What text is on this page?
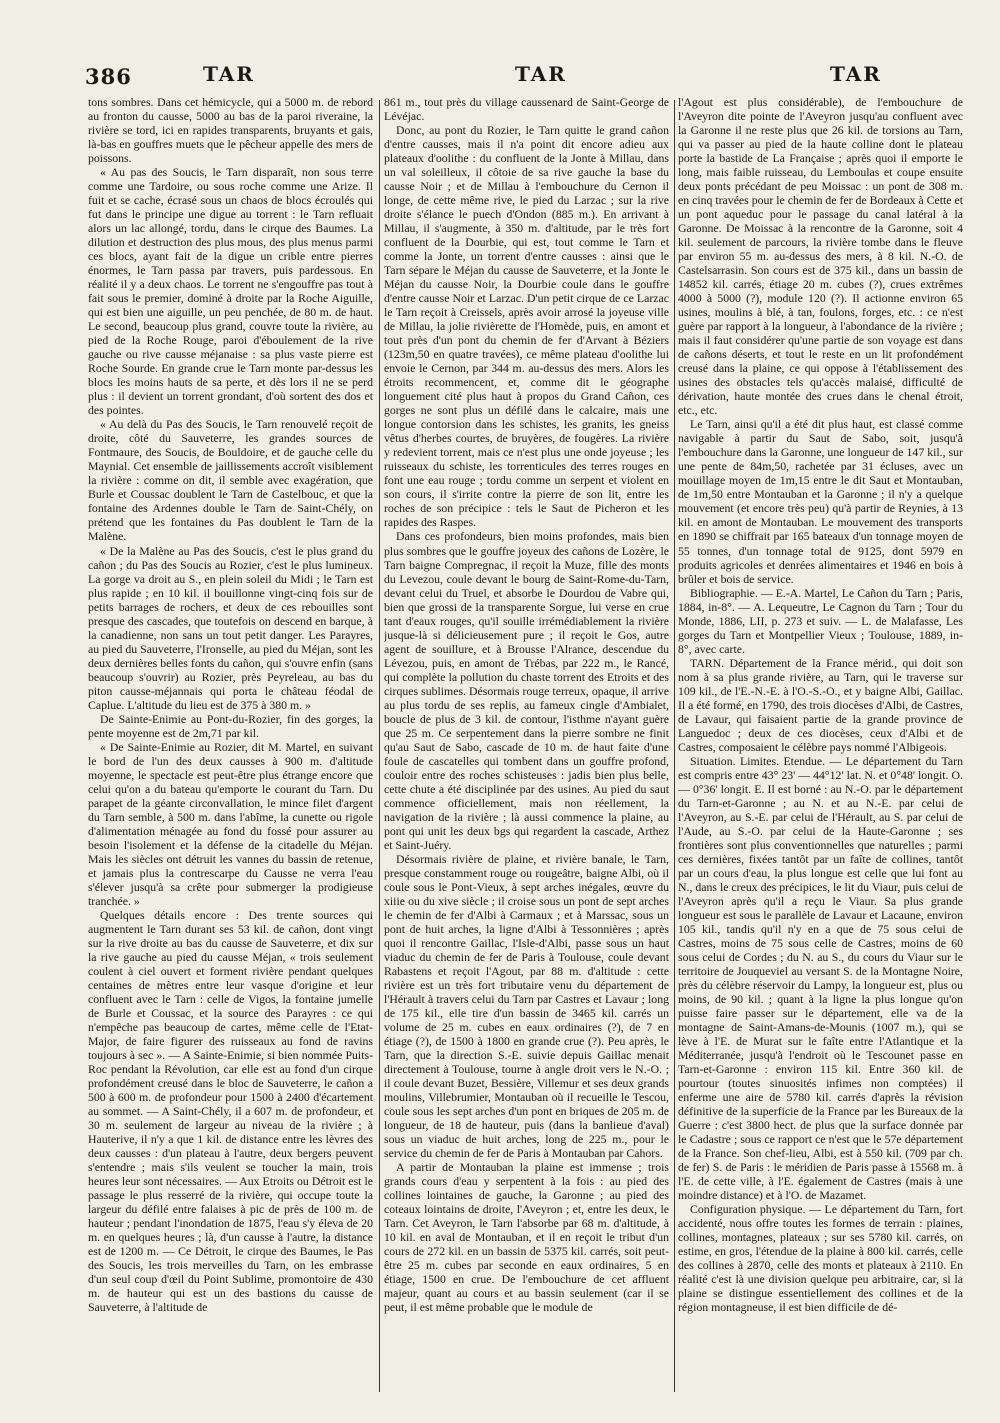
386	TAR	TAR	TAR

tons sombres. Dans cet hémicycle, qui a 5000 m. de rebord au fronton du causse, 5000 au bas de la paroi riveraine, la rivière se tord, ici en rapides transparents, bruyants et gais, là-bas en gouffres muets que le pêcheur appelle des mers de poissons.

« Au pas des Soucis, le Tarn disparaît, non sous terre comme une Tardoire, ou sous roche comme une Arize. Il fuit et se cache, écrasé sous un chaos de blocs écroulés qui fut dans le principe une digue au torrent : le Tarn refluait alors un lac allongé, tordu, dans le cirque des Baumes. La dilution et destruction des plus mous, des plus menus parmi ces blocs, ayant fait de la digue un crible entre pierres énormes, le Tarn passa par travers, puis pardessous. En réalité il y a deux chaos. Le torrent ne s'engouffre pas tout à fait sous le premier, dominé à droite par la Roche Aiguille, qui est bien une aiguille, un peu penchée, de 80 m. de haut. Le second, beaucoup plus grand, couvre toute la rivière, au pied de la Roche Rouge, paroi d'éboulement de la rive gauche ou rive causse méjanaise : sa plus vaste pierre est Roche Sourde. En grande crue le Tarn monte par-dessus les blocs les moins hauts de sa perte, et dès lors il ne se perd plus : il devient un torrent grondant, d'où sortent des dos et des pointes.

« Au delà du Pas des Soucis, le Tarn renouvelé reçoit de droite, côté du Sauveterre, les grandes sources de Fontmaure, des Soucis, de Bouldoire, et de gauche celle du Maynial. Cet ensemble de jaillissements accroît visiblement la rivière : comme on dit, il semble avec exagération, que Burle et Coussac doublent le Tarn de Castelbouc, et que la fontaine des Ardennes double le Tarn de Saint-Chély, on prétend que les fontaines du Pas doublent le Tarn de la Malène.

« De la Malène au Pas des Soucis, c'est le plus grand du cañon ; du Pas des Soucis au Rozier, c'est le plus lumineux. La gorge va droit au S., en plein soleil du Midi ; le Tarn est plus rapide ; en 10 kil. il bouillonne vingt-cinq fois sur de petits barrages de rochers, et deux de ces rebouilles sont presque des cascades, que toutefois on descend en barque, à la canadienne, non sans un tout petit danger. Les Parayres, au pied du Sauveterre, l'Ironselle, au pied du Méjan, sont les deux dernières belles fonts du cañon, qui s'ouvre enfin (sans beaucoup s'ouvrir) au Rozier, près Peyreleau, au bas du piton causse-méjannais qui porta le château féodal de Caplue. L'altitude du lieu est de 375 à 380 m. »

De Sainte-Enimie au Pont-du-Rozier, fin des gorges, la pente moyenne est de 2m,71 par kil.

« De Sainte-Enimie au Rozier, dit M. Martel, en suivant le bord de l'un des deux causses à 900 m. d'altitude moyenne, le spectacle est peut-être plus étrange encore que celui qu'on a du bateau qu'emporte le courant du Tarn. Du parapet de la géante circonvallation, le mince filet d'argent du Tarn semble, à 500 m. dans l'abîme, la cunette ou rigole d'alimentation ménagée au fond du fossé pour assurer au besoin l'isolement et la défense de la citadelle du Méjan. Mais les siècles ont détruit les vannes du bassin de retenue, et jamais plus la contrescarpe du Causse ne verra l'eau s'élever jusqu'à sa crête pour submerger la prodigieuse tranchée. »

Quelques détails encore : Des trente sources qui augmentent le Tarn durant ses 53 kil. de cañon, dont vingt sur la rive droite au bas du causse de Sauveterre, et dix sur la rive gauche au pied du causse Méjan, « trois seulement coulent à ciel ouvert et forment rivière pendant quelques centaines de mètres entre leur vasque d'origine et leur confluent avec le Tarn : celle de Vigos, la fontaine jumelle de Burle et Coussac, et la source des Parayres : ce qui n'empêche pas beaucoup de cartes, même celle de l'Etat-Major, de faire figurer des ruisseaux au fond de ravins toujours à sec ». — A Sainte-Enimie, si bien nommée Puits-Roc pendant la Révolution, car elle est au fond d'un cirque profondément creusé dans le bloc de Sauveterre, le cañon a 500 à 600 m. de profondeur pour 1500 à 2400 d'écartement au sommet. — A Saint-Chély, il a 607 m. de profondeur, et 30 m. seulement de largeur au niveau de la rivière ; à Hauterive, il n'y a que 1 kil. de distance entre les lèvres des deux causses : d'un plateau à l'autre, deux bergers peuvent s'entendre ; mais s'ils veulent se toucher la main, trois heures leur sont nécessaires. — Aux Etroits ou Détroit est le passage le plus resserré de la rivière, qui occupe toute la largeur du défilé entre falaises à pic de près de 100 m. de hauteur ; pendant l'inondation de 1875, l'eau s'y éleva de 20 m. en quelques heures ; là, d'un causse à l'autre, la distance est de 1200 m. — Ce Détroit, le cirque des Baumes, le Pas des Soucis, les trois merveilles du Tarn, on les embrasse d'un seul coup d'œil du Point Sublime, promontoire de 430 m. de hauteur qui est un des bastions du causse de Sauveterre, à l'altitude de

861 m., tout près du village caussenard de Saint-George de Lévéjac.

Donc, au pont du Rozier, le Tarn quitte le grand cañon d'entre causses, mais il n'a point dit encore adieu aux plateaux d'oolithe : du confluent de la Jonte à Millau, dans un val soleilleux, il côtoie de sa rive gauche la base du causse Noir ; et de Millau à l'embouchure du Cernon il longe, de cette même rive, le pied du Larzac ; sur la rive droite s'élance le puech d'Ondon (885 m.). En arrivant à Millau, il s'augmente, à 350 m. d'altitude, par le très fort confluent de la Dourbie, qui est, tout comme le Tarn et comme la Jonte, un torrent d'entre causses : ainsi que le Tarn sépare le Méjan du causse de Sauveterre, et la Jonte le Méjan du causse Noir, la Dourbie coule dans le gouffre d'entre causse Noir et Larzac. D'un petit cirque de ce Larzac le Tarn reçoit à Creissels, après avoir arrosé la joyeuse ville de Millau, la jolie rivièrette de l'Homède, puis, en amont et tout près d'un pont du chemin de fer d'Arvant à Béziers (123m,50 en quatre travées), ce même plateau d'oolithe lui envoie le Cernon, par 344 m. au-dessus des mers. Alors les étroits recommencent, et, comme dit le géographe longuement cité plus haut à propos du Grand Cañon, ces gorges ne sont plus un défilé dans le calcaire, mais une longue contorsion dans les schistes, les granits, les gneiss vêtus d'herbes courtes, de bruyères, de fougères. La rivière y redevient torrent, mais ce n'est plus une onde joyeuse ; les ruisseaux du schiste, les torrenticules des terres rouges en font une eau rouge ; tordu comme un serpent et violent en son cours, il s'irrite contre la pierre de son lit, entre les roches de son précipice : tels le Saut de Picheron et les rapides des Raspes.

Dans ces profondeurs, bien moins profondes, mais bien plus sombres que le gouffre joyeux des cañons de Lozère, le Tarn baigne Compregnac, il reçoit la Muze, fille des monts du Levezou, coule devant le bourg de Saint-Rome-du-Tarn, devant celui du Truel, et absorbe le Dourdou de Vabre qui, bien que grossi de la transparente Sorgue, lui verse en crue tant d'eaux rouges, qu'il souille irrémédiablement la rivière jusque-là si délicieusement pure ; il reçoit le Gos, autre agent de souillure, et à Brousse l'Alrance, descendue du Lévezou, puis, en amont de Trébas, par 222 m., le Rancé, qui complète la pollution du chaste torrent des Etroits et des cirques sublimes. Désormais rouge terreux, opaque, il arrive au plus tordu de ses replis, au fameux cingle d'Ambialet, boucle de plus de 3 kil. de contour, l'isthme n'ayant guère que 25 m. Ce serpentement dans la pierre sombre ne finit qu'au Saut de Sabo, cascade de 10 m. de haut faite d'une foule de cascatelles qui tombent dans un gouffre profond, couloir entre des roches schisteuses : jadis bien plus belle, cette chute a été disciplinée par des usines. Au pied du saut commence officiellement, mais non réellement, la navigation de la rivière ; là aussi commence la plaine, au pont qui unit les deux bgs qui regardent la cascade, Arthez et Saint-Juéry.

Désormais rivière de plaine, et rivière banale, le Tarn, presque constamment rouge ou rougeâtre, baigne Albi, où il coule sous le Pont-Vieux, à sept arches inégales, œuvre du xiiie ou du xive siècle ; il croise sous un pont de sept arches le chemin de fer d'Albi à Carmaux ; et à Marssac, sous un pont de huit arches, la ligne d'Albi à Tessonnières ; après quoi il rencontre Gaillac, l'Isle-d'Albi, passe sous un haut viaduc du chemin de fer de Paris à Toulouse, coule devant Rabastens et reçoit l'Agout, par 88 m. d'altitude : cette rivière est un très fort tributaire venu du département de l'Hérault à travers celui du Tarn par Castres et Lavaur ; long de 175 kil., elle tire d'un bassin de 3465 kil. carrés un volume de 25 m. cubes en eaux ordinaires (?), de 7 en étiage (?), de 1500 à 1800 en grande crue (?). Peu après, le Tarn, que la direction S.-E. suivie depuis Gaillac menait directement à Toulouse, tourne à angle droit vers le N.-O. ; il coule devant Buzet, Bessière, Villemur et ses deux grands moulins, Villebrumier, Montauban où il recueille le Tescou, coule sous les sept arches d'un pont en briques de 205 m. de longueur, de 18 de hauteur, puis (dans la banlieue d'aval) sous un viaduc de huit arches, long de 225 m., pour le service du chemin de fer de Paris à Montauban par Cahors.

A partir de Montauban la plaine est immense ; trois grands cours d'eau y serpentent à la fois : au pied des collines lointaines de gauche, la Garonne ; au pied des coteaux lointains de droite, l'Aveyron ; et, entre les deux, le Tarn. Cet Aveyron, le Tarn l'absorbe par 68 m. d'altitude, à 10 kil. en aval de Montauban, et il en reçoit le tribut d'un cours de 272 kil. en un bassin de 5375 kil. carrés, soit peut-être 25 m. cubes par seconde en eaux ordinaires, 5 en étiage, 1500 en crue. De l'embouchure de cet affluent majeur, quant au cours et au bassin seulement (car il se peut, il est même probable que le module de

l'Agout est plus considérable), de l'embouchure de l'Aveyron dite pointe de l'Aveyron jusqu'au confluent avec la Garonne il ne reste plus que 26 kil. de torsions au Tarn, qui va passer au pied de la haute colline dont le plateau porte la bastide de La Française ; après quoi il emporte le long, mais faible ruisseau, du Lemboulas et coupe ensuite deux ponts précédant de peu Moissac : un pont de 308 m. en cinq travées pour le chemin de fer de Bordeaux à Cette et un pont aqueduc pour le passage du canal latéral à la Garonne. De Moissac à la rencontre de la Garonne, soit 4 kil. seulement de parcours, la rivière tombe dans le fleuve par environ 55 m. au-dessus des mers, à 8 kil. N.-O. de Castelsarrasin. Son cours est de 375 kil., dans un bassin de 14852 kil. carrés, étiage 20 m. cubes (?), crues extrêmes 4000 à 5000 (?), module 120 (?). Il actionne environ 65 usines, moulins à blé, à tan, foulons, forges, etc. : ce n'est guère par rapport à la longueur, à l'abondance de la rivière ; mais il faut considérer qu'une partie de son voyage est dans de cañons déserts, et tout le reste en un lit profondément creusé dans la plaine, ce qui oppose à l'établissement des usines des obstacles tels qu'accès malaisé, difficulté de dérivation, haute montée des crues dans le chenal étroit, etc., etc.

Le Tarn, ainsi qu'il a été dit plus haut, est classé comme navigable à partir du Saut de Sabo, soit, jusqu'à l'embouchure dans la Garonne, une longueur de 147 kil., sur une pente de 84m,50, rachetée par 31 écluses, avec un mouillage moyen de 1m,15 entre le dit Saut et Montauban, de 1m,50 entre Montauban et la Garonne ; il n'y a quelque mouvement (et encore très peu) qu'à partir de Reynies, à 13 kil. en amont de Montauban. Le mouvement des transports en 1890 se chiffrait par 165 bateaux d'un tonnage moyen de 55 tonnes, d'un tonnage total de 9125, dont 5979 en produits agricoles et denrées alimentaires et 1946 en bois à brûler et bois de service.

Bibliographie. — E.-A. Martel, Le Cañon du Tarn ; Paris, 1884, in-8°. — A. Lequeutre, Le Cagnon du Tarn ; Tour du Monde, 1886, LII, p. 273 et suiv. — L. de Malafasse, Les gorges du Tarn et Montpellier Vieux ; Toulouse, 1889, in-8°, avec carte.

TARN. Département de la France mérid., qui doit son nom à sa plus grande rivière, au Tarn, qui le traverse sur 109 kil., de l'E.-N.-E. à l'O.-S.-O., et y baigne Albi, Gaillac. Il a été formé, en 1790, des trois diocèses d'Albi, de Castres, de Lavaur, qui faisaient partie de la grande province de Languedoc ; deux de ces diocèses, ceux d'Albi et de Castres, composaient le célèbre pays nommé l'Albigeois.

Situation. Limites. Etendue. — Le département du Tarn est compris entre 43° 23' — 44°12' lat. N. et 0°48' longit. O. — 0°36' longit. E. Il est borné : au N.-O. par le département du Tarn-et-Garonne ; au N. et au N.-E. par celui de l'Aveyron, au S.-E. par celui de l'Hérault, au S. par celui de l'Aude, au S.-O. par celui de la Haute-Garonne ; ses frontières sont plus conventionnelles que naturelles ; parmi ces dernières, fixées tantôt par un faîte de collines, tantôt par un cours d'eau, la plus longue est celle que lui font au N., dans le creux des précipices, le lit du Viaur, puis celui de l'Aveyron après qu'il a reçu le Viaur. Sa plus grande longueur est sous le parallèle de Lavaur et Lacaune, environ 105 kil., tandis qu'il n'y en a que de 75 sous celui de Castres, moins de 75 sous celle de Castres, moins de 60 sous celui de Cordes ; du N. au S., du cours du Viaur sur le territoire de Jouqueviel au versant S. de la Montagne Noire, près du célèbre réservoir du Lampy, la longueur est, plus ou moins, de 90 kil. ; quant à la ligne la plus longue qu'on puisse faire passer sur le département, elle va de la montagne de Saint-Amans-de-Mounis (1007 m.), qui se lève à l'E. de Murat sur le faîte entre l'Atlantique et la Méditerranée, jusqu'à l'endroit où le Tescounet passe en Tarn-et-Garonne : environ 115 kil. Entre 360 kil. de pourtour (toutes sinuosités infimes non comptées) il enferme une aire de 5780 kil. carrés d'après la révision définitive de la superficie de la France par les Bureaux de la Guerre : c'est 3800 hect. de plus que la surface donnée par le Cadastre ; sous ce rapport ce n'est que le 57e département de la France. Son chef-lieu, Albi, est à 550 kil. (709 par ch. de fer) S. de Paris : le méridien de Paris passe à 15568 m. à l'E. de cette ville, à l'E. également de Castres (mais à une moindre distance) et à l'O. de Mazamet.

Configuration physique. — Le département du Tarn, fort accidenté, nous offre toutes les formes de terrain : plaines, collines, montagnes, plateaux ; sur ses 5780 kil. carrés, on estime, en gros, l'étendue de la plaine à 800 kil. carrés, celle des collines à 2870, celle des monts et plateaux à 2110. En réalité c'est là une division quelque peu arbitraire, car, si la plaine se distingue essentiellement des collines et de la région montagneuse, il est bien difficile de dé-
